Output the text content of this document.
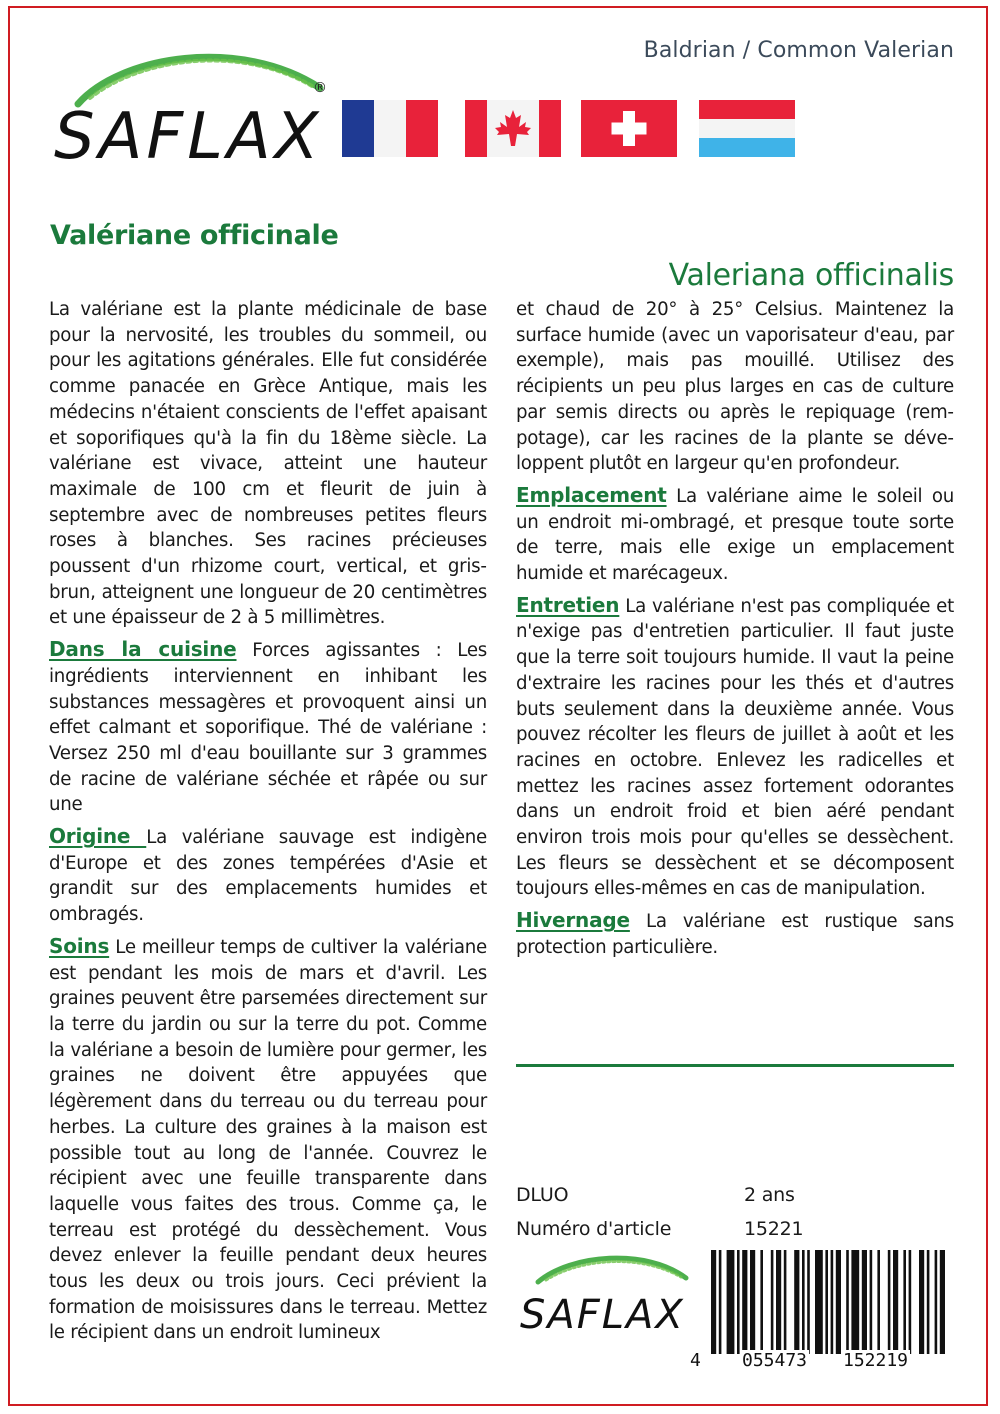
SAFLAX
®
Baldrian / Common Valerian
Valériane officinale
Valeriana officinalis

La valériane est la plante médicinale de base pour la nervosité, les troubles du sommeil, ou pour les agitations générales. Elle fut considérée comme panacée en Grèce Antique, mais les médecins n'étaient conscients de l'effet apaisant et soporifiques qu'à la fin du 18ème siècle. La valériane est vivace, atteint une hauteur maximale de 100 cm et fleurit de juin à septembre avec de nombreuses petites fleurs roses à blanches. Ses racines précieuses poussent d'un rhizome court, vertical, et grisbrun, atteignent une longueur de 20 centimètres et une épaisseur de 2 à 5 millimètres.

Dans la cuisine Forces agissantes : Les ingrédients interviennent en inhibant les substances messagères et provoquent ainsi un effet calmant et soporifique. Thé de valériane : Versez 250 ml d'eau bouillante sur 3 grammes de racine de valériane séchée et râpée ou sur une

Origine La valériane sauvage est indigène d'Europe et des zones tempérées d'Asie et grandit sur des emplacements humides et ombragés.

Soins Le meilleur temps de cultiver la valériane est pendant les mois de mars et d'avril. Les graines peuvent être parsemées directement sur la terre du jardin ou sur la terre du pot. Comme la valériane a besoin de lumière pour germer, les graines ne doivent être appuyées que légèrement dans du terreau ou du terreau pour herbes. La culture des graines à la maison est possible tout au long de l'année. Couvrez le récipient avec une feuille transparente dans laquelle vous faites des trous. Comme ça, le terreau est protégé du dessèchement. Vous devez enlever la feuille pendant deux heures tous les deux ou trois jours. Ceci prévient la formation de moisissures dans le terreau. Mettez le récipient dans un endroit lumineux

et chaud de 20° à 25° Celsius. Maintenez la surface humide (avec un vaporisateur d'eau, par exemple), mais pas mouillé. Utilisez des récipients un peu plus larges en cas de culture par semis directs ou après le repiquage (rempotage), car les racines de la plante se développent plutôt en largeur qu'en profondeur.

Emplacement La valériane aime le soleil ou un endroit mi-ombragé, et presque toute sorte de terre, mais elle exige un emplacement humide et marécageux.

Entretien La valériane n'est pas compliquée et n'exige pas d'entretien particulier. Il faut juste que la terre soit toujours humide. Il vaut la peine d'extraire les racines pour les thés et d'autres buts seulement dans la deuxième année. Vous pouvez récolter les fleurs de juillet à août et les racines en octobre. Enlevez les radicelles et mettez les racines assez fortement odorantes dans un endroit froid et bien aéré pendant environ trois mois pour qu'elles se dessèchent. Les fleurs se dessèchent et se décomposent toujours elles-mêmes en cas de manipulation.

Hivernage La valériane est rustique sans protection particulière.

DLUO	2 ans
Numéro d'article	15221
SAFLAX
4 055473 152219
